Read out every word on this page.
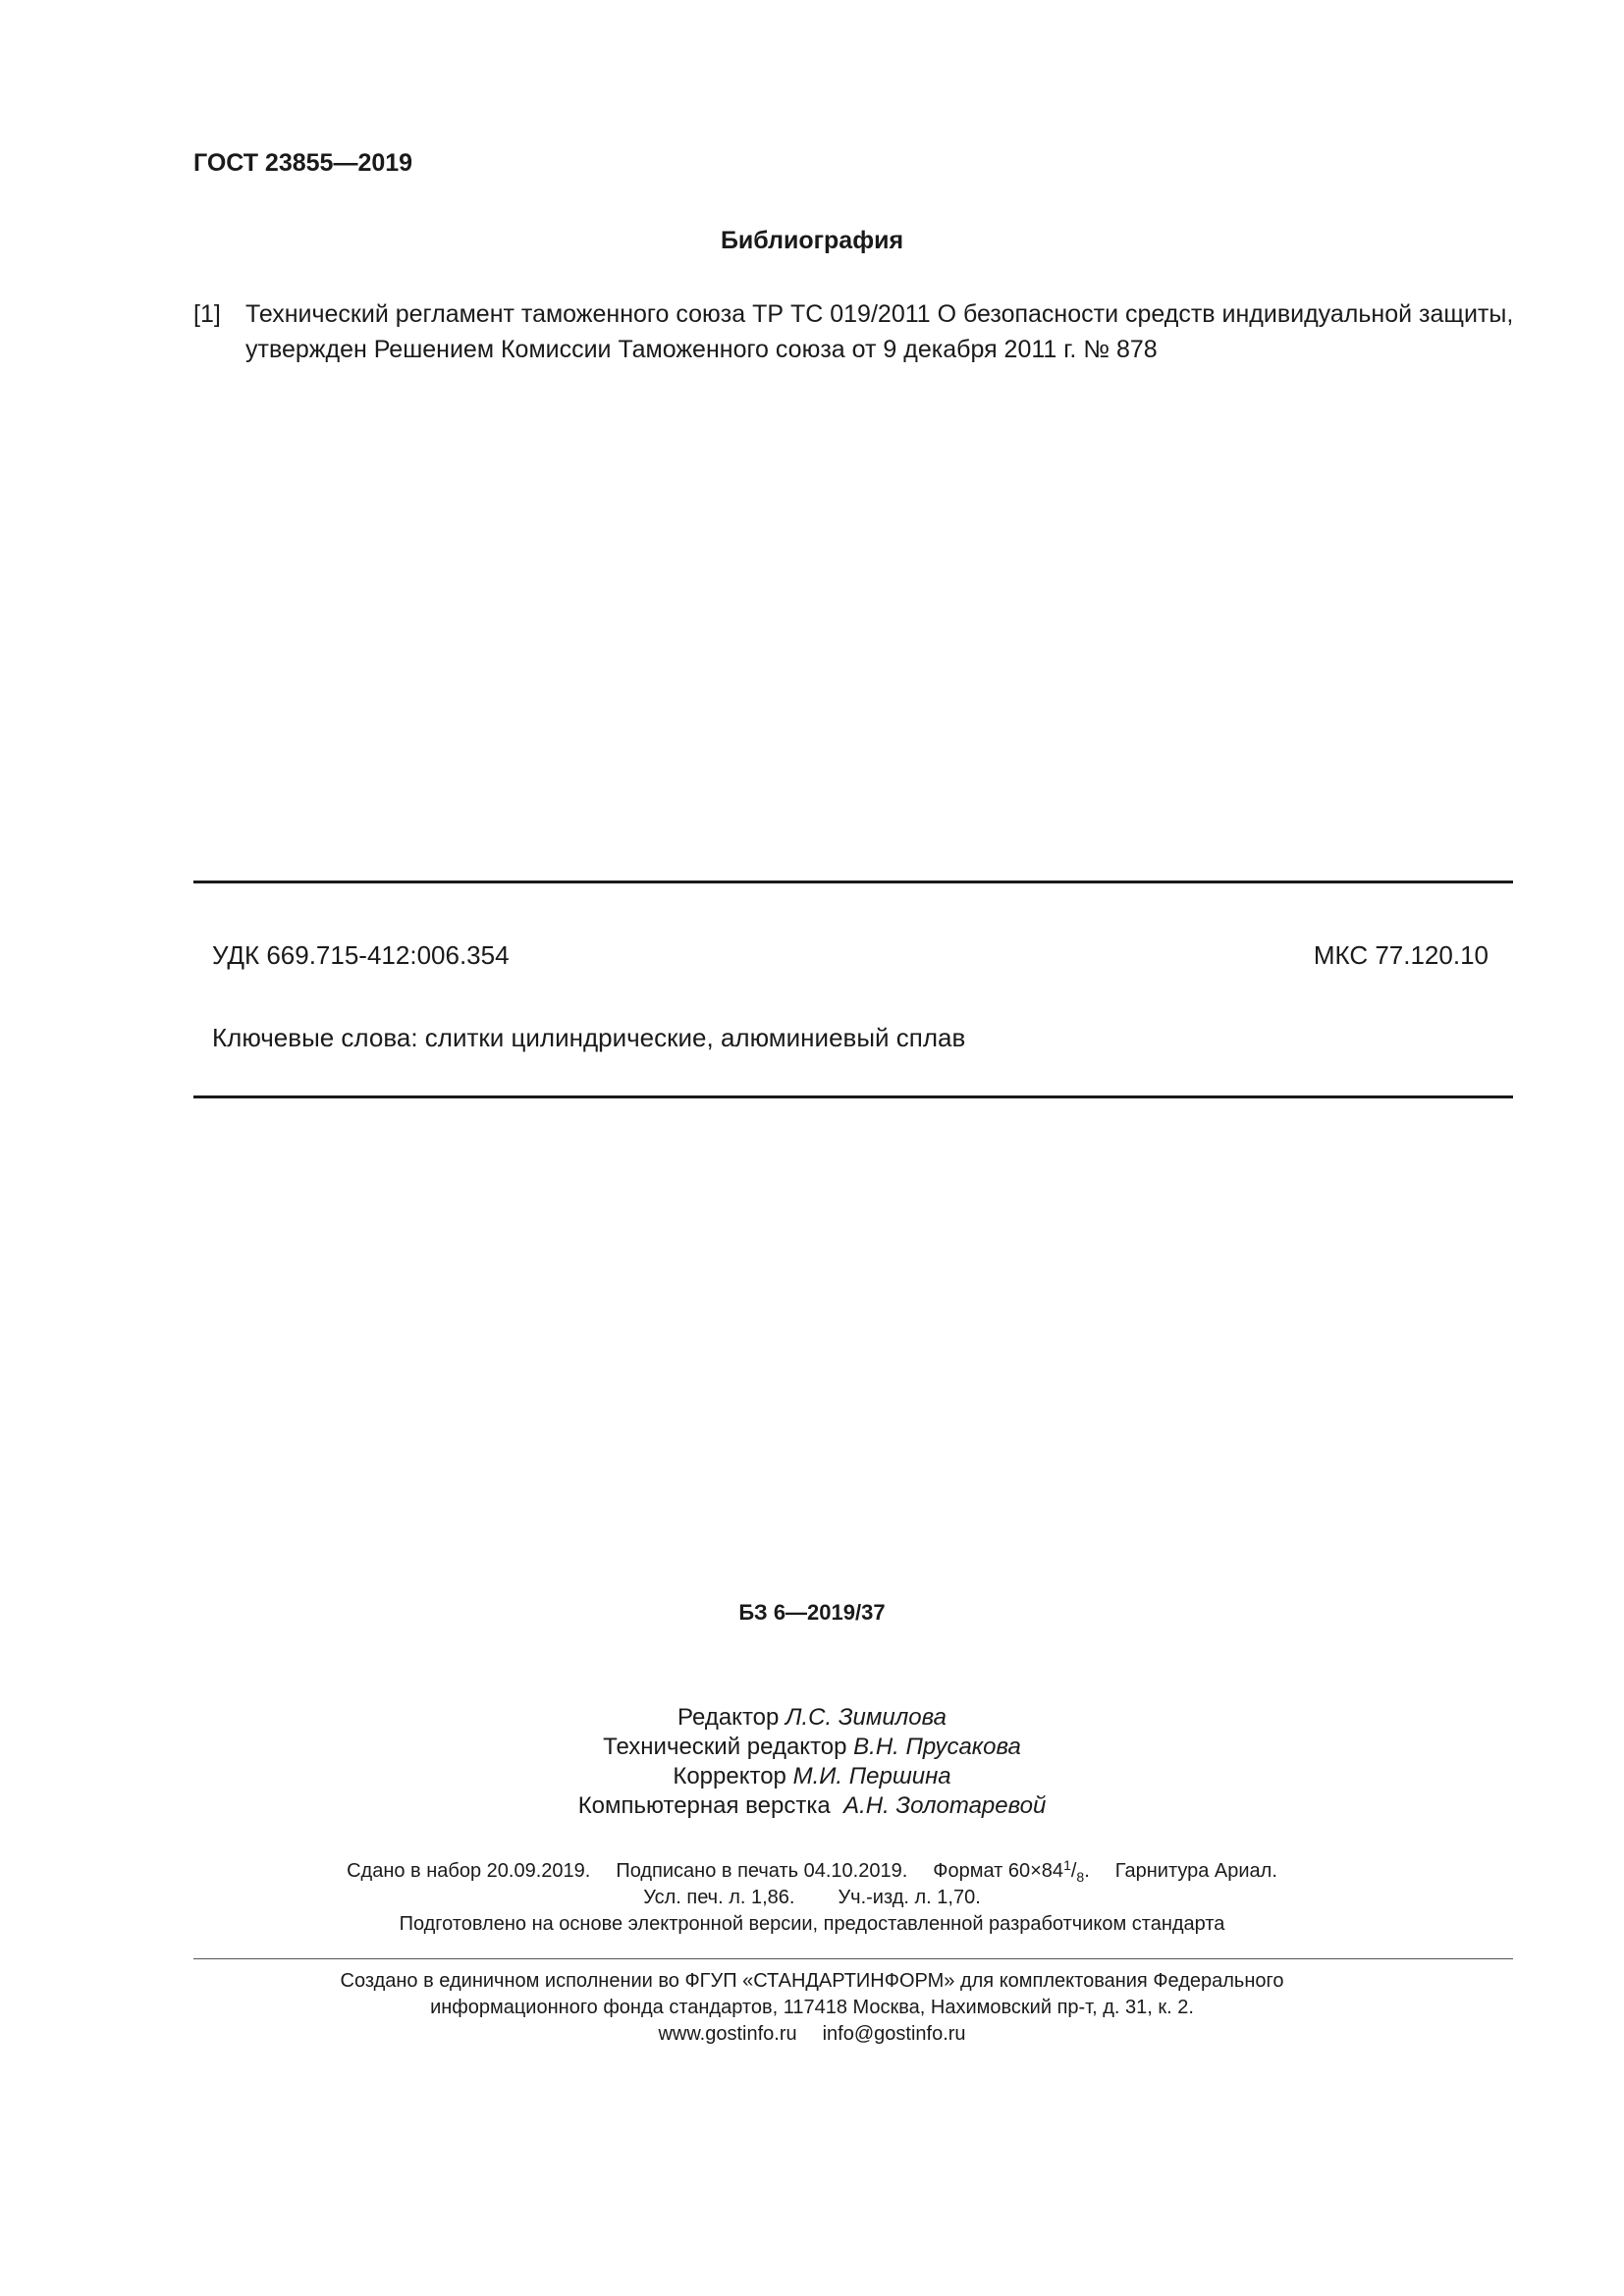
ГОСТ 23855—2019
Библиография
[1] Технический регламент таможенного союза ТР ТС 019/2011 О безопасности средств индивидуальной защиты,
утвержден Решением Комиссии Таможенного союза от 9 декабря 2011 г. № 878
УДК 669.715-412:006.354	МКС 77.120.10
Ключевые слова: слитки цилиндрические, алюминиевый сплав
БЗ 6—2019/37
Редактор Л.С. Зимилова
Технический редактор В.Н. Прусакова
Корректор М.И. Першина
Компьютерная верстка  А.Н. Золотаревой
Сдано в набор 20.09.2019. Подписано в печать 04.10.2019. Формат $60\times 84^1/_8$. Гарнитура Ариал.
Усл. печ. л. 1,86. Уч.-изд. л. 1,70.
Подготовлено на основе электронной версии, предоставленной разработчиком стандарта
Создано в единичном исполнении во ФГУП «СТАНДАРТИНФОРМ» для комплектования Федерального
информационного фонда стандартов, 117418 Москва, Нахимовский пр-т, д. 31, к. 2.
www.gostinfo.ru info@gostinfo.ru
